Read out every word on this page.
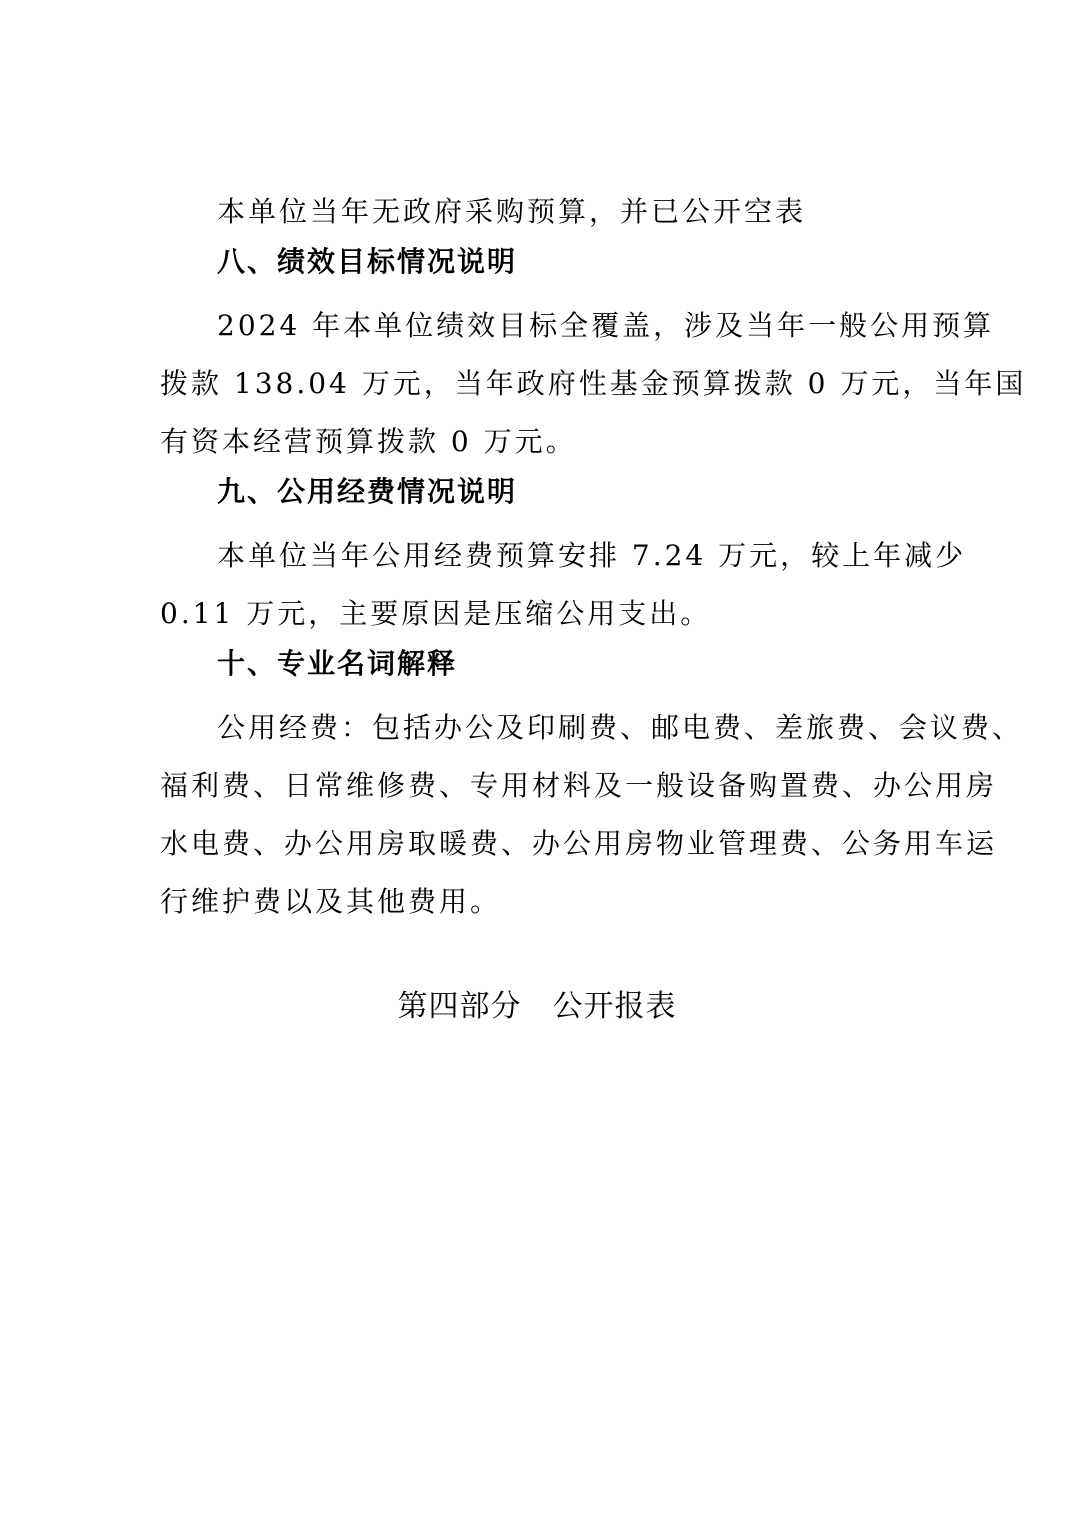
本单位当年无政府采购预算，并已公开空表
八、绩效目标情况说明
2024 年本单位绩效目标全覆盖，涉及当年一般公用预算
拨款 138.04 万元，当年政府性基金预算拨款 0 万元，当年国
有资本经营预算拨款 0 万元。
九、公用经费情况说明
本单位当年公用经费预算安排 7.24 万元，较上年减少
0.11 万元，主要原因是压缩公用支出。
十、专业名词解释
公用经费：包括办公及印刷费、邮电费、差旅费、会议费、
福利费、日常维修费、专用材料及一般设备购置费、办公用房
水电费、办公用房取暖费、办公用房物业管理费、公务用车运
行维护费以及其他费用。
第四部分　公开报表
